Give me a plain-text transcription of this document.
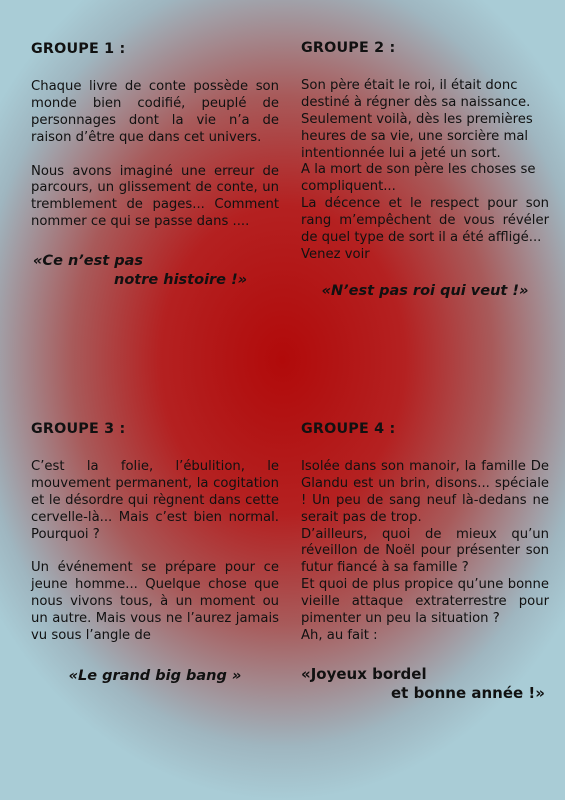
GROUPE 1 :
Chaque livre de conte possède son monde bien codifié, peuplé de personnages dont la vie n’a de raison d’être que dans cet univers.
Nous avons imaginé une erreur de parcours, un glissement de conte, un tremblement de pages... Comment nommer ce qui se passe dans ....
«Ce n’est pas
notre histoire !»
GROUPE 2 :
Son père était le roi, il était donc destiné à régner dès sa naissance.
Seulement voilà, dès les premières heures de sa vie, une sorcière mal intentionnée lui a jeté un sort.
A la mort de son père les choses se compliquent...
La décence et le respect pour son rang m’empêchent de vous révéler de quel type de sort il a été affligé...
Venez voir
«N’est pas roi qui veut !»
GROUPE 3 :
C’est la folie, l’ébulition, le mouvement permanent, la cogitation et le désordre qui règnent dans cette cervelle-là... Mais c’est bien normal. Pourquoi ?
Un événement se prépare pour ce jeune homme... Quelque chose que nous vivons tous, à un moment ou un autre. Mais vous ne l’aurez jamais vu sous l’angle de
«Le grand big bang »
GROUPE 4 :
Isolée dans son manoir, la famille De Glandu est un brin, disons... spéciale ! Un peu de sang neuf là-dedans ne serait pas de trop.
D’ailleurs, quoi de mieux qu’un réveillon de Noël pour présenter son futur fiancé à sa famille ?
Et quoi de plus propice qu’une bonne vieille attaque extraterrestre pour pimenter un peu la situation ?
Ah, au fait :
«Joyeux bordel
et bonne année !»
